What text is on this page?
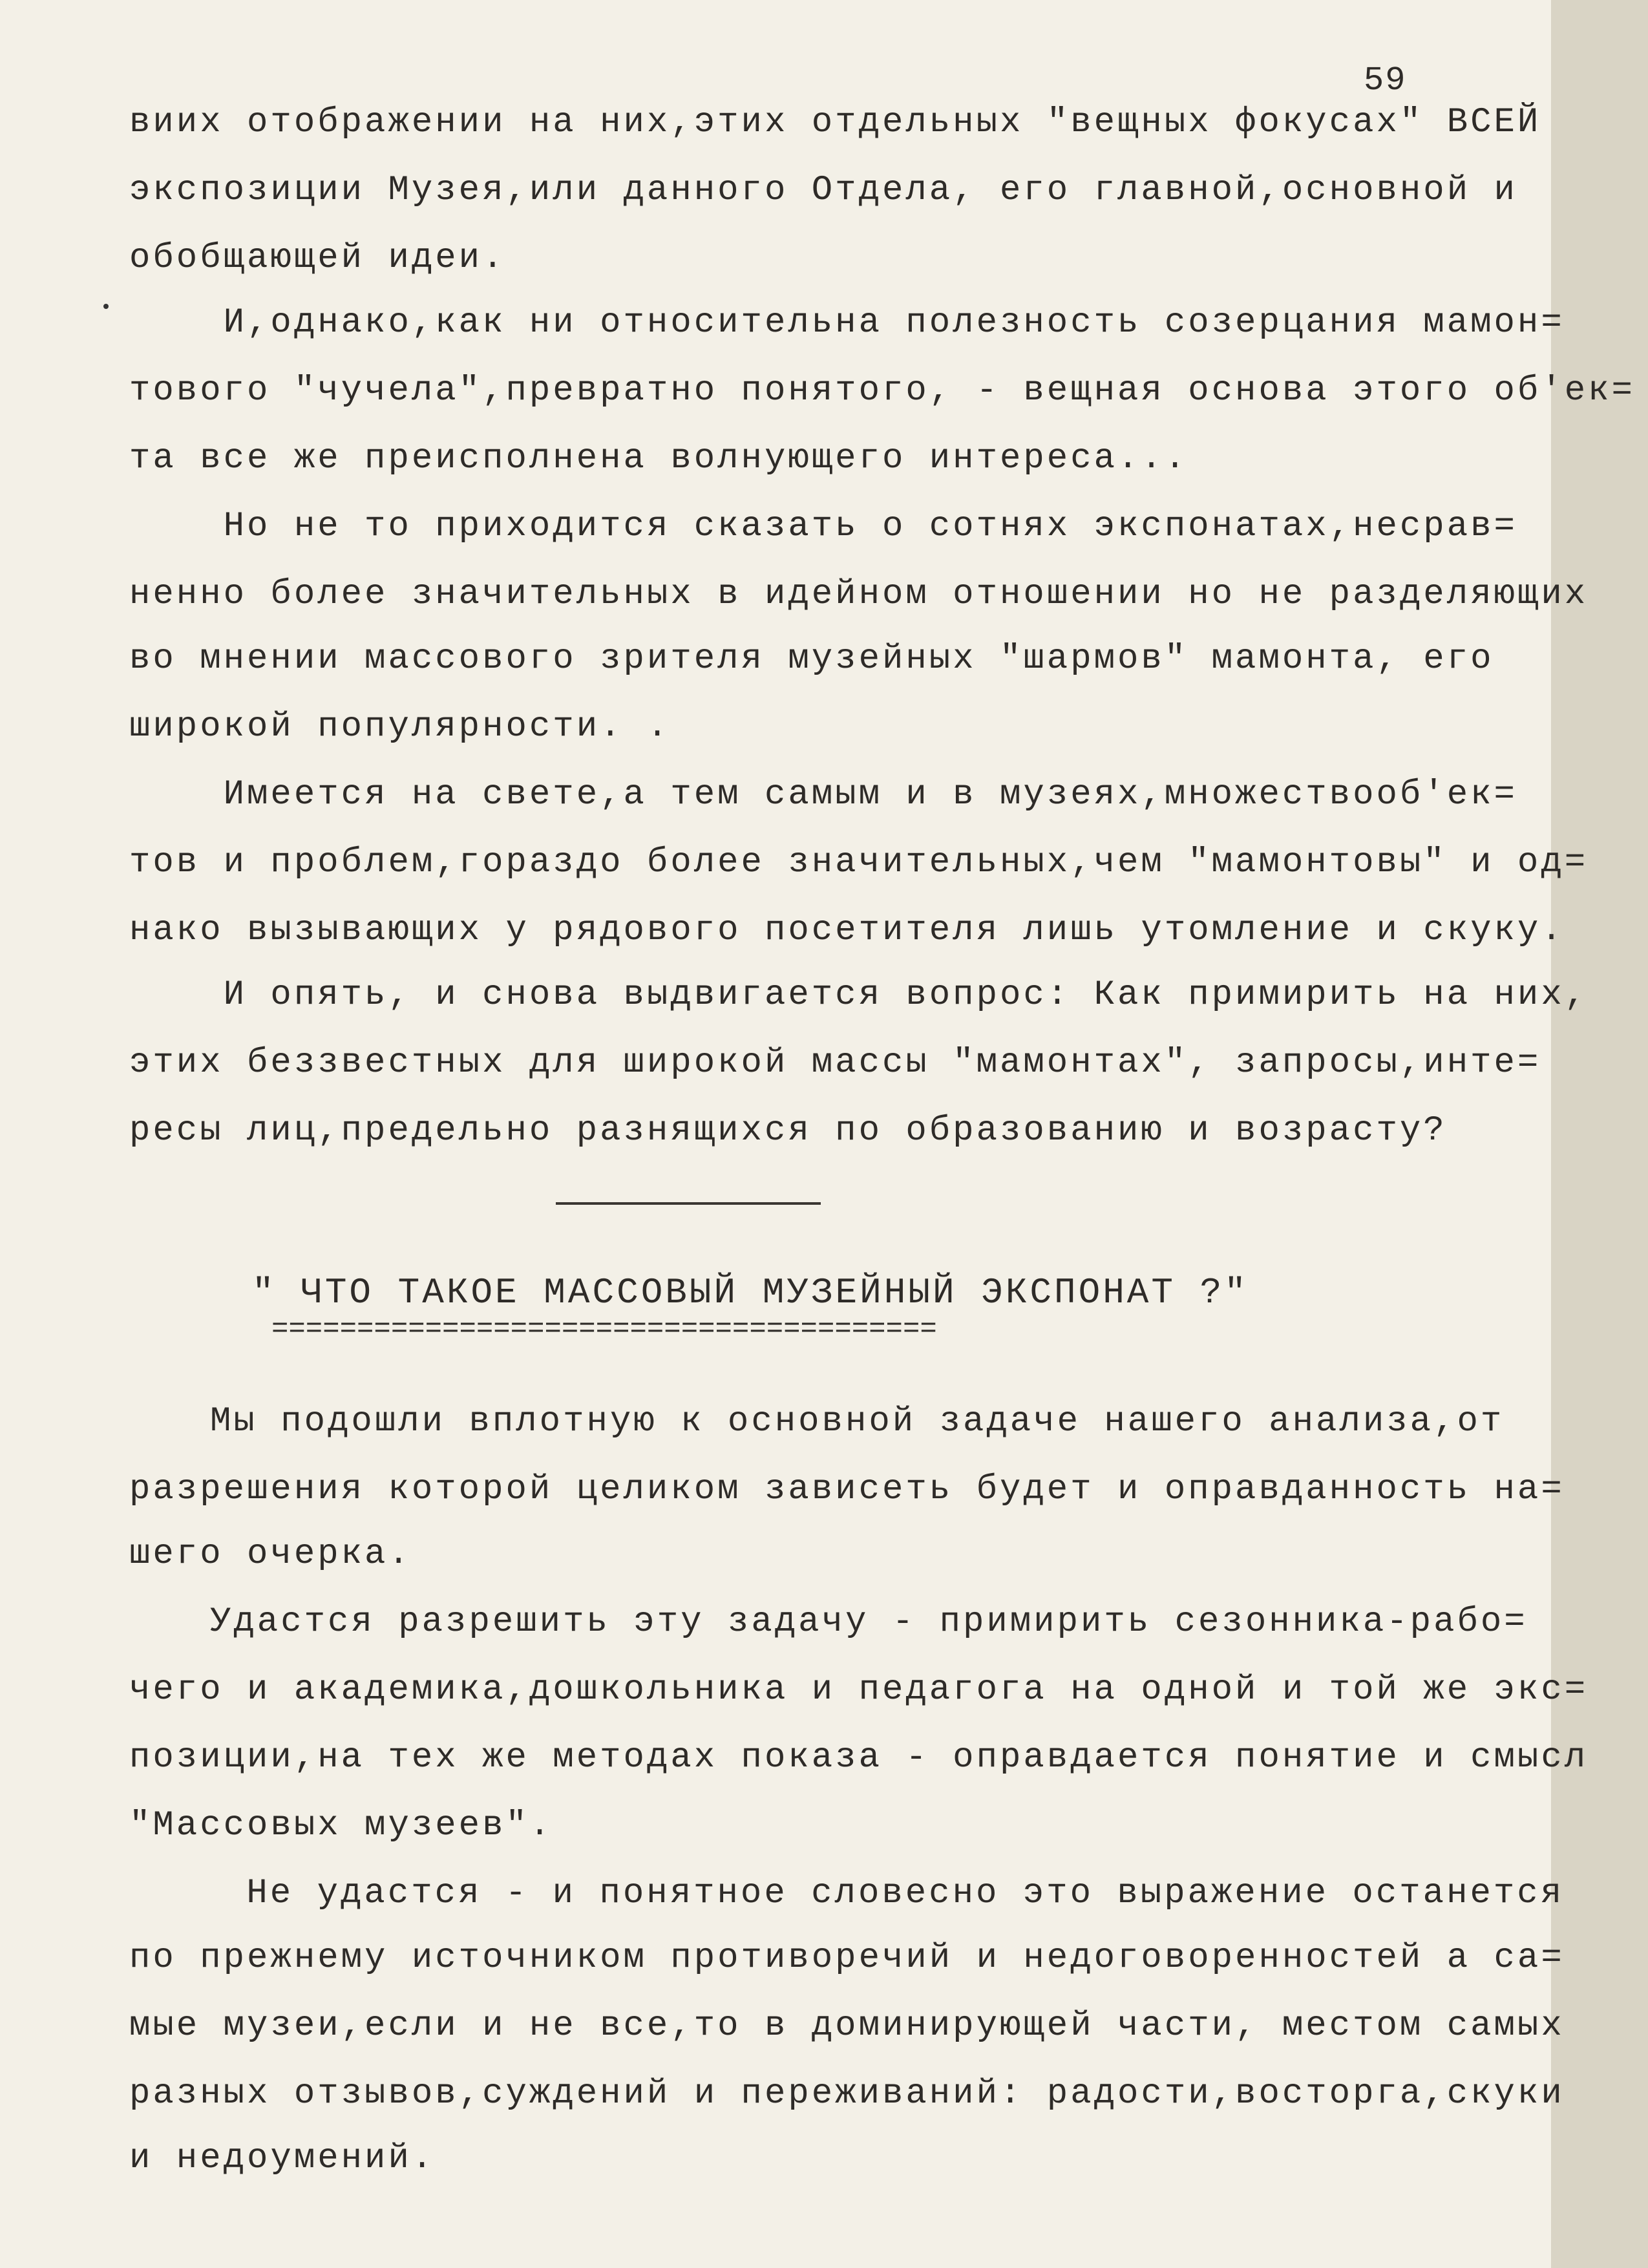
59
виих отображении на них,этих отдельных "вещных фокусах" ВСЕЙ
экспозиции Музея,или данного Отдела, его главной,основной и
обобщающей идеи.
И,однако,как ни относительна полезность созерцания мамон=
тового "чучела",превратно понятого, - вещная основа этого об'ек=
та все же преисполнена волнующего интереса...
Но не то приходится сказать о сотнях экспонатах,несрав=
ненно более значительных в идейном отношении но не разделяющих
во мнении массового зрителя музейных "шармов" мамонта, его
широкой популярности. .
Имеется на свете,а тем самым и в музеях,множествооб'ек=
тов и проблем,гораздо более значительных,чем "мамонтовы" и од=
нако вызывающих у рядового посетителя лишь утомление и скуку.
И опять, и снова выдвигается вопрос: Как примирить на них,
этих беззвестных для широкой массы "мамонтах", запросы,инте=
ресы лиц,предельно разнящихся по образованию и возрасту?
" ЧТО ТАКОЕ МАССОВЫЙ МУЗЕЙНЫЙ ЭКСПОНАТ ?"
=======================================
Мы подошли вплотную к основной задаче нашего анализа,от
разрешения которой целиком зависеть будет и оправданность на=
шего очерка.
Удастся разрешить эту задачу - примирить сезонника-рабо=
чего и академика,дошкольника и педагога на одной и той же экс=
позиции,на тех же методах показа - оправдается понятие и смысл
"Массовых музеев".
Не удастся - и понятное словесно это выражение останется
по прежнему источником противоречий и недоговоренностей а са=
мые музеи,если и не все,то в доминирующей части, местом самых
разных отзывов,суждений и переживаний: радости,восторга,скуки
и недоумений.
